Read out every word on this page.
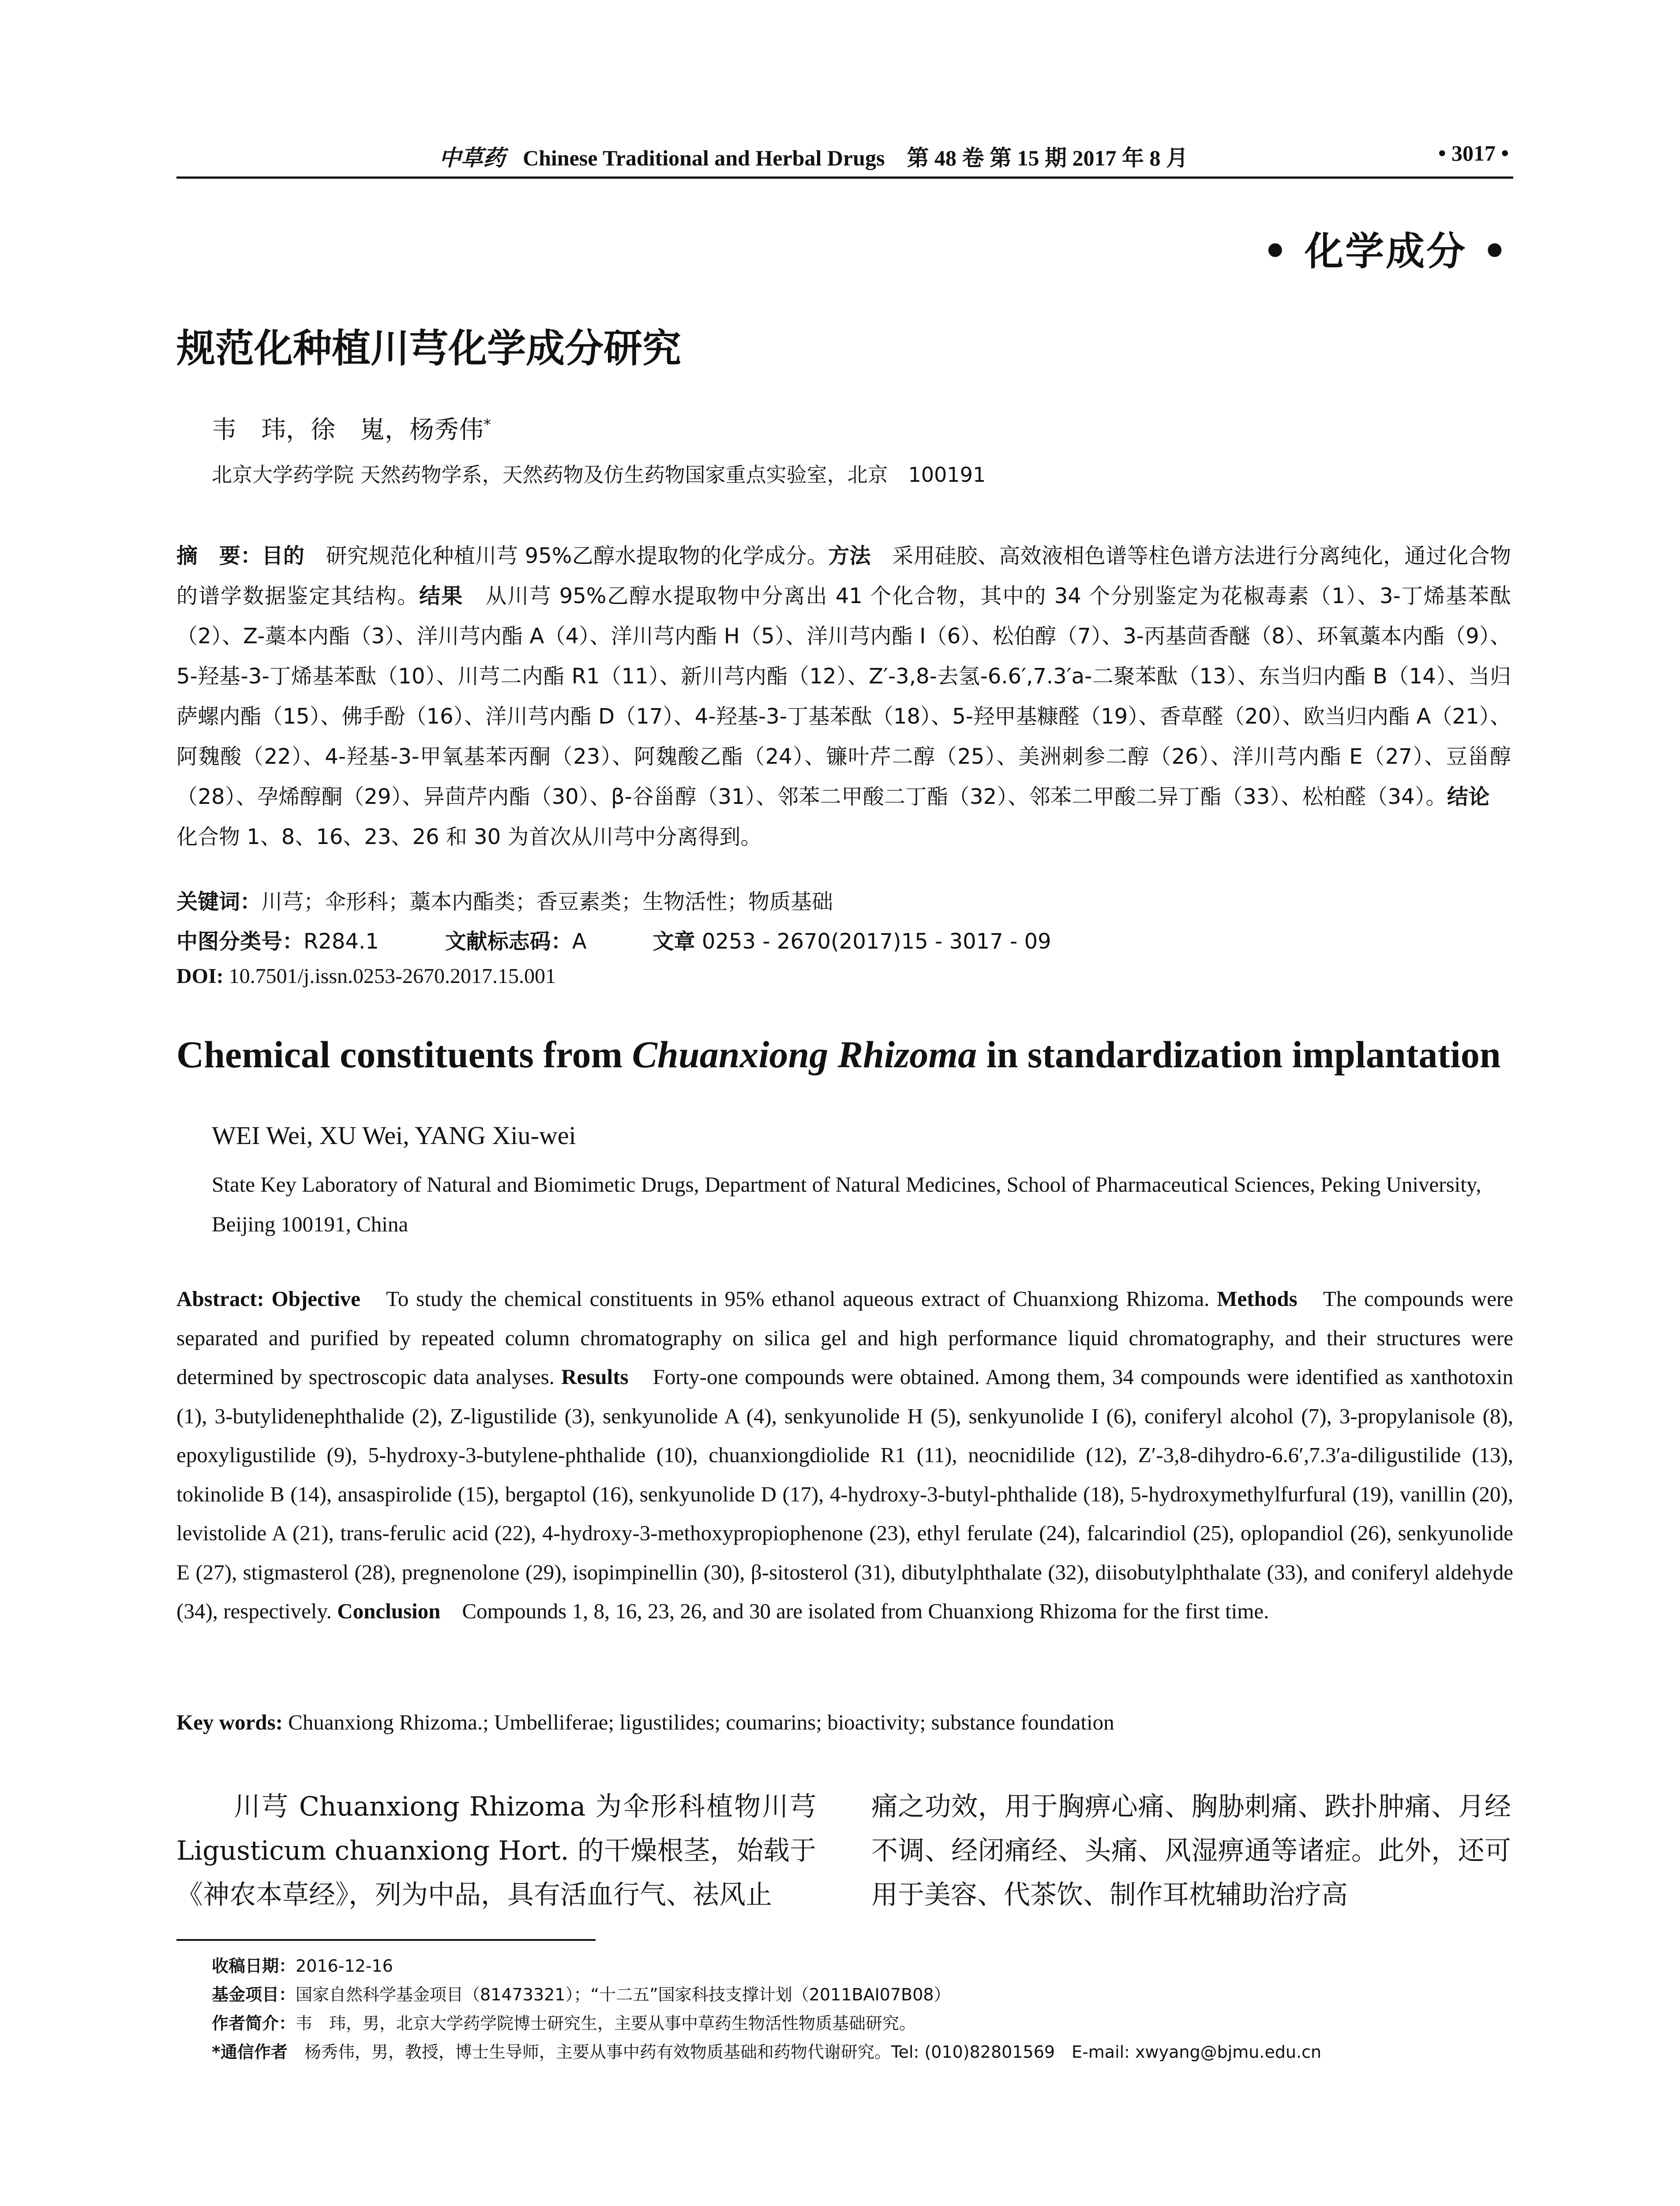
中草药 Chinese Traditional and Herbal Drugs　第 48 卷 第 15 期 2017 年 8 月	• 3017 •
• 化学成分 •
规范化种植川芎化学成分研究
韦　玮，徐　嵬，杨秀伟*
北京大学药学院 天然药物学系，天然药物及仿生药物国家重点实验室，北京　100191
摘　要：目的　研究规范化种植川芎 95%乙醇水提取物的化学成分。方法　采用硅胶、高效液相色谱等柱色谱方法进行分离纯化，通过化合物的谱学数据鉴定其结构。结果　从川芎 95%乙醇水提取物中分离出 41 个化合物，其中的 34 个分别鉴定为花椒毒素（1）、3-丁烯基苯酞（2）、Z-藁本内酯（3）、洋川芎内酯 A（4）、洋川芎内酯 H（5）、洋川芎内酯 I（6）、松伯醇（7）、3-丙基茴香醚（8）、环氧藁本内酯（9）、5-羟基-3-丁烯基苯酞（10）、川芎二内酯 R1（11）、新川芎内酯（12）、Z′-3,8-去氢-6.6′,7.3′a-二聚苯酞（13）、东当归内酯 B（14）、当归萨螺内酯（15）、佛手酚（16）、洋川芎内酯 D（17）、4-羟基-3-丁基苯酞（18）、5-羟甲基糠醛（19）、香草醛（20）、欧当归内酯 A（21）、阿魏酸（22）、4-羟基-3-甲氧基苯丙酮（23）、阿魏酸乙酯（24）、镰叶芹二醇（25）、美洲刺参二醇（26）、洋川芎内酯 E（27）、豆甾醇（28）、孕烯醇酮（29）、异茴芹内酯（30）、β-谷甾醇（31）、邻苯二甲酸二丁酯（32）、邻苯二甲酸二异丁酯（33）、松柏醛（34）。结论　化合物 1、8、16、23、26 和 30 为首次从川芎中分离得到。
关键词：川芎；伞形科；藁本内酯类；香豆素类；生物活性；物质基础
中图分类号：R284.1	文献标志码：A	文章 0253 - 2670(2017)15 - 3017 - 09
DOI: 10.7501/j.issn.0253-2670.2017.15.001
Chemical constituents from Chuanxiong Rhizoma in standardization implantation
WEI Wei, XU Wei, YANG Xiu-wei
State Key Laboratory of Natural and Biomimetic Drugs, Department of Natural Medicines, School of Pharmaceutical Sciences, Peking University, Beijing 100191, China
Abstract: Objective　To study the chemical constituents in 95% ethanol aqueous extract of Chuanxiong Rhizoma. Methods　The compounds were separated and purified by repeated column chromatography on silica gel and high performance liquid chromatography, and their structures were determined by spectroscopic data analyses. Results　Forty-one compounds were obtained. Among them, 34 compounds were identified as xanthotoxin (1), 3-butylidenephthalide (2), Z-ligustilide (3), senkyunolide A (4), senkyunolide H (5), senkyunolide I (6), coniferyl alcohol (7), 3-propylanisole (8), epoxyligustilide (9), 5-hydroxy-3-butylene-phthalide (10), chuanxiongdiolide R1 (11), neocnidilide (12), Z′-3,8-dihydro-6.6′,7.3′a-diligustilide (13), tokinolide B (14), ansaspirolide (15), bergaptol (16), senkyunolide D (17), 4-hydroxy-3-butyl-phthalide (18), 5-hydroxymethylfurfural (19), vanillin (20), levistolide A (21), trans-ferulic acid (22), 4-hydroxy-3-methoxypropiophenone (23), ethyl ferulate (24), falcarindiol (25), oplopandiol (26), senkyunolide E (27), stigmasterol (28), pregnenolone (29), isopimpinellin (30), β-sitosterol (31), dibutylphthalate (32), diisobutylphthalate (33), and coniferyl aldehyde (34), respectively. Conclusion　Compounds 1, 8, 16, 23, 26, and 30 are isolated from Chuanxiong Rhizoma for the first time.
Key words: Chuanxiong Rhizoma.; Umbelliferae; ligustilides; coumarins; bioactivity; substance foundation
川芎 Chuanxiong Rhizoma 为伞形科植物川芎 Ligusticum chuanxiong Hort. 的干燥根茎，始载于《神农本草经》，列为中品，具有活血行气、祛风止
痛之功效，用于胸痹心痛、胸胁刺痛、跌扑肿痛、月经不调、经闭痛经、头痛、风湿痹通等诸症。此外，还可用于美容、代茶饮、制作耳枕辅助治疗高
收稿日期：2016-12-16
基金项目：国家自然科学基金项目（81473321）；“十二五”国家科技支撑计划（2011BAI07B08）
作者简介：韦　玮，男，北京大学药学院博士研究生，主要从事中草药生物活性物质基础研究。
*通信作者　杨秀伟，男，教授，博士生导师，主要从事中药有效物质基础和药物代谢研究。Tel: (010)82801569　E-mail: xwyang@bjmu.edu.cn
